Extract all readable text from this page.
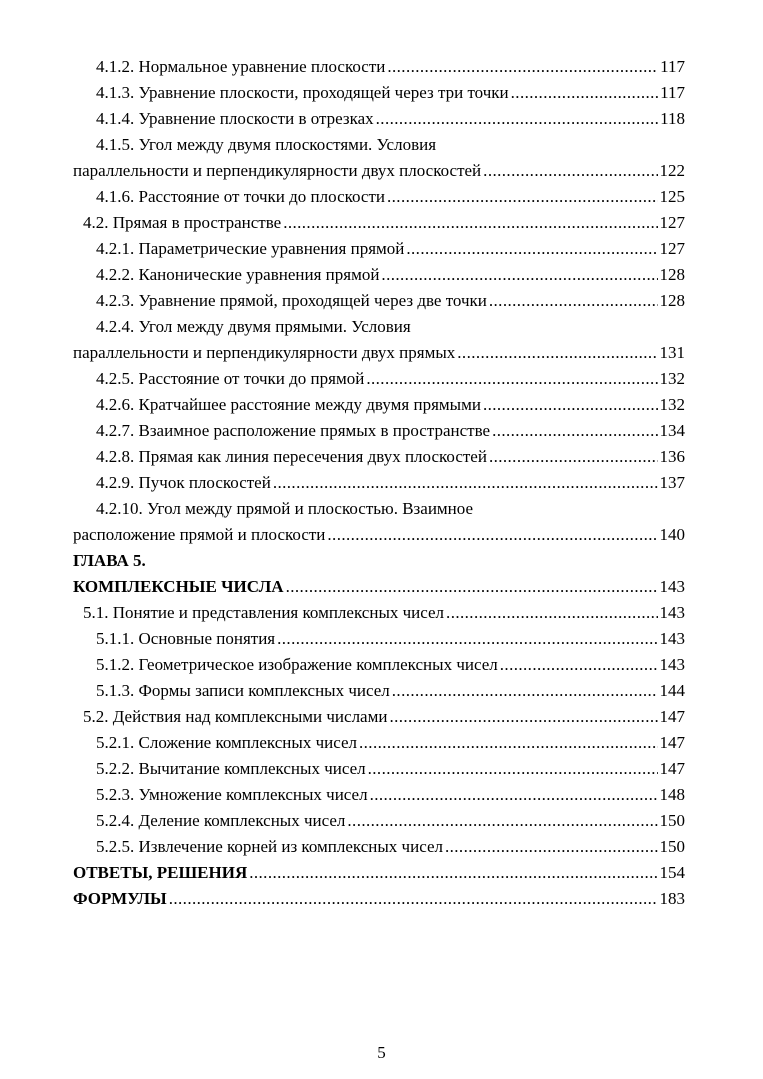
4.1.2. Нормальное уравнение плоскости .....	117
4.1.3. Уравнение плоскости, проходящей через три точки .....	117
4.1.4. Уравнение плоскости в отрезках .....	118
4.1.5. Угол между двумя плоскостями. Условия
параллельности и перпендикулярности двух плоскостей .....	122
4.1.6. Расстояние от точки до плоскости .....	125
4.2. Прямая в пространстве .....	127
4.2.1. Параметрические уравнения прямой .....	127
4.2.2. Канонические уравнения прямой .....	128
4.2.3. Уравнение прямой, проходящей через две точки .....	128
4.2.4. Угол между двумя прямыми. Условия
параллельности и перпендикулярности двух прямых .....	131
4.2.5. Расстояние от точки до прямой .....	132
4.2.6. Кратчайшее расстояние между двумя прямыми .....	132
4.2.7. Взаимное расположение прямых в пространстве .....	134
4.2.8. Прямая как линия пересечения двух плоскостей .....	136
4.2.9. Пучок плоскостей .....	137
4.2.10. Угол между прямой и плоскостью. Взаимное
расположение прямой и плоскости .....	140
ГЛАВА 5.
КОМПЛЕКСНЫЕ ЧИСЛА .....	143
5.1. Понятие и представления комплексных чисел .....	143
5.1.1. Основные понятия .....	143
5.1.2. Геометрическое изображение комплексных чисел .....	143
5.1.3. Формы записи комплексных чисел .....	144
5.2. Действия над комплексными числами .....	147
5.2.1. Сложение комплексных чисел .....	147
5.2.2. Вычитание комплексных чисел .....	147
5.2.3. Умножение комплексных чисел .....	148
5.2.4. Деление комплексных чисел .....	150
5.2.5. Извлечение корней из комплексных чисел .....	150
ОТВЕТЫ, РЕШЕНИЯ .....	154
ФОРМУЛЫ .....	183
5
